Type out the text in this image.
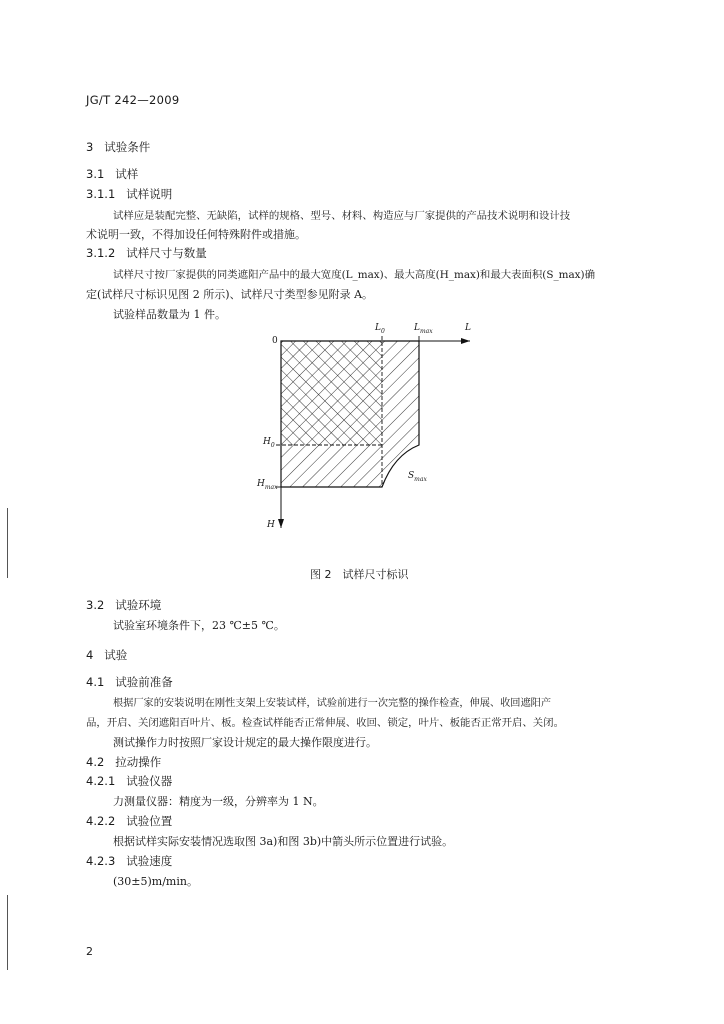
JG/T 242—2009
3 试验条件
3.1 试样
3.1.1 试样说明
试样应是装配完整、无缺陷，试样的规格、型号、材料、构造应与厂家提供的产品技术说明和设计技
术说明一致，不得加设任何特殊附件或措施。
3.1.2 试样尺寸与数量
试样尺寸按厂家提供的同类遮阳产品中的最大宽度(L_max)、最大高度(H_max)和最大表面积(S_max)确
定(试样尺寸标识见图 2 所示)、试样尺寸类型参见附录 A。
试验样品数量为 1 件。
0
$L_0$	$L_{max}$	L
$H_0$
$H_{max}$
H
$S_{max}$
图 2　试样尺寸标识
3.2 试验环境
试验室环境条件下，23 ℃±5 ℃。
4 试验
4.1 试验前准备
根据厂家的安装说明在刚性支架上安装试样，试验前进行一次完整的操作检查，伸展、收回遮阳产
品，开启、关闭遮阳百叶片、板。检查试样能否正常伸展、收回、锁定，叶片、板能否正常开启、关闭。
测试操作力时按照厂家设计规定的最大操作限度进行。
4.2 拉动操作
4.2.1 试验仪器
力测量仪器：精度为一级，分辨率为 1 N。
4.2.2 试验位置
根据试样实际安装情况选取图 3a)和图 3b)中箭头所示位置进行试验。
4.2.3 试验速度
(30±5)m/min。
2
